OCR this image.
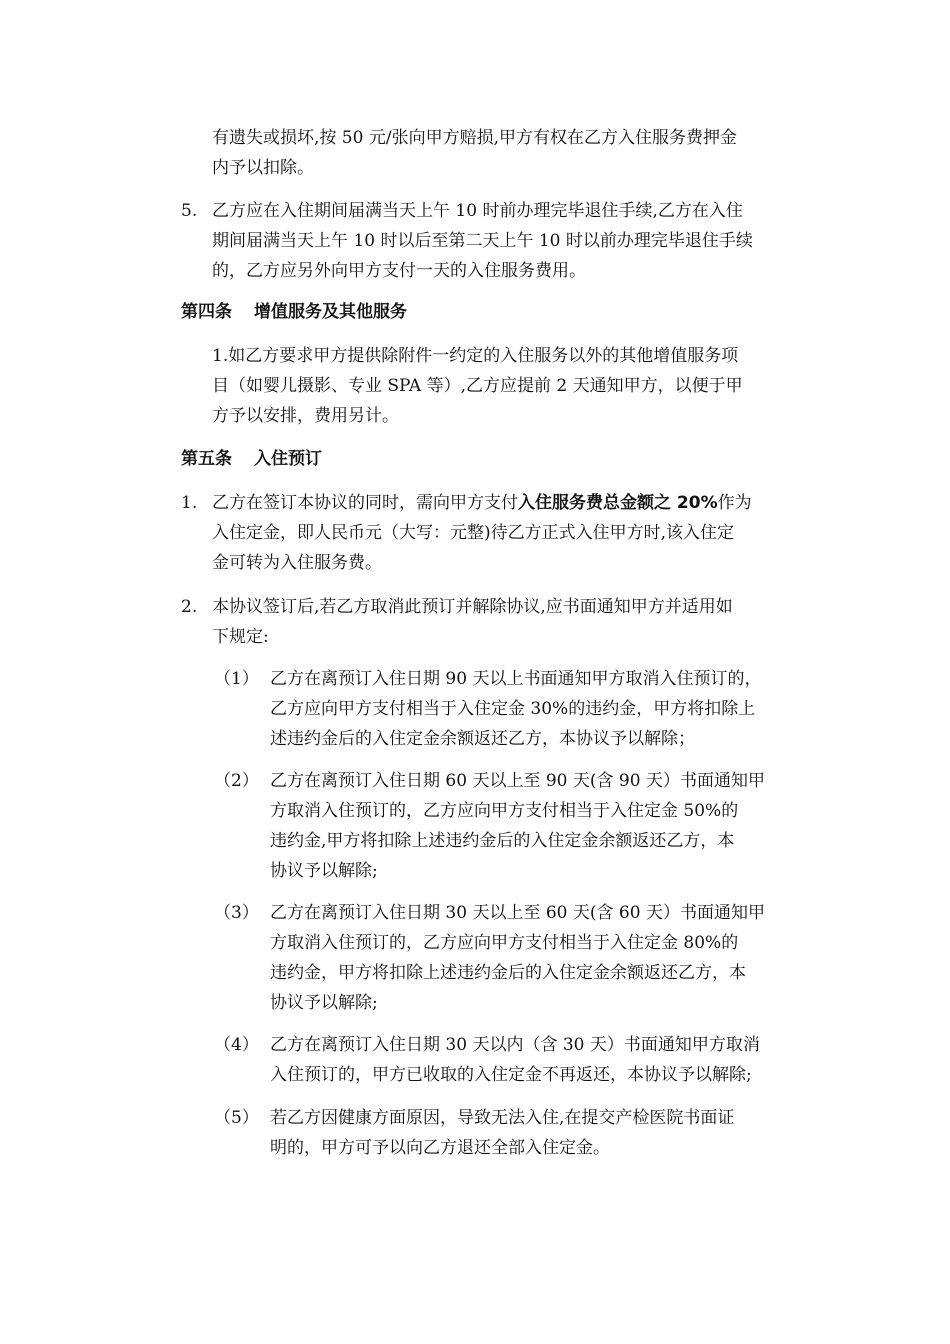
有遗失或损坏,按 50 元/张向甲方赔损,甲方有权在乙方入住服务费押金
内予以扣除。
5. 乙方应在入住期间届满当天上午 10 时前办理完毕退住手续,乙方在入住
期间届满当天上午 10 时以后至第二天上午 10 时以前办理完毕退住手续
的，乙方应另外向甲方支付一天的入住服务费用。
第四条 增值服务及其他服务
1.如乙方要求甲方提供除附件一约定的入住服务以外的其他增值服务项
目（如婴儿摄影、专业 SPA 等）,乙方应提前 2 天通知甲方，以便于甲
方予以安排，费用另计。
第五条 入住预订
1. 乙方在签订本协议的同时，需向甲方支付入住服务费总金额之 20%作为
入住定金，即人民币元（大写：元整)待乙方正式入住甲方时,该入住定
金可转为入住服务费。
2. 本协议签订后,若乙方取消此预订并解除协议,应书面通知甲方并适用如
下规定:
（1） 乙方在离预订入住日期 90 天以上书面通知甲方取消入住预订的，
乙方应向甲方支付相当于入住定金 30%的违约金，甲方将扣除上
述违约金后的入住定金余额返还乙方，本协议予以解除；
（2） 乙方在离预订入住日期 60 天以上至 90 天(含 90 天）书面通知甲
方取消入住预订的，乙方应向甲方支付相当于入住定金 50%的
违约金,甲方将扣除上述违约金后的入住定金余额返还乙方，本
协议予以解除;
（3） 乙方在离预订入住日期 30 天以上至 60 天(含 60 天）书面通知甲
方取消入住预订的，乙方应向甲方支付相当于入住定金 80%的
违约金，甲方将扣除上述违约金后的入住定金余额返还乙方，本
协议予以解除;
（4） 乙方在离预订入住日期 30 天以内（含 30 天）书面通知甲方取消
入住预订的，甲方已收取的入住定金不再返还，本协议予以解除;
（5） 若乙方因健康方面原因，导致无法入住,在提交产检医院书面证
明的，甲方可予以向乙方退还全部入住定金。
